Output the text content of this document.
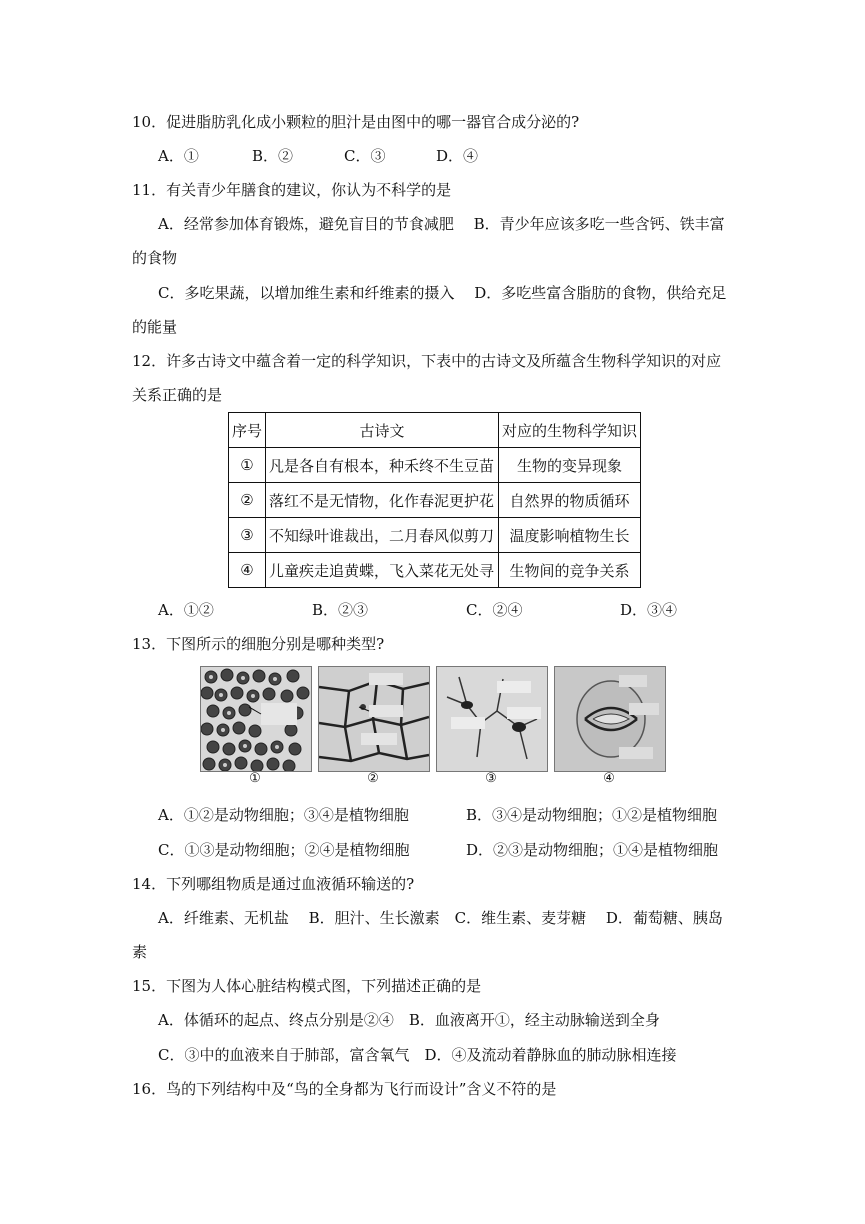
10．促进脂肪乳化成小颗粒的胆汁是由图中的哪一器官合成分泌的?
A．①	B．②	C．③	D．④
11．有关青少年膳食的建议，你认为不科学的是
A．经常参加体育锻炼，避免盲目的节食减肥　 B．青少年应该多吃一些含钙、铁丰富
的食物
C．多吃果蔬，以增加维生素和纤维素的摄入　 D．多吃些富含脂肪的食物，供给充足
的能量
12．许多古诗文中蕴含着一定的科学知识，下表中的古诗文及所蕴含生物科学知识的对应
关系正确的是
序号	古诗文	对应的生物科学知识
①	凡是各自有根本，种禾终不生豆苗	生物的变异现象
②	落红不是无情物，化作春泥更护花	自然界的物质循环
③	不知绿叶谁裁出，二月春风似剪刀	温度影响植物生长
④	儿童疾走追黄蝶，飞入菜花无处寻	生物间的竞争关系
A．①②	B．②③	C．②④	D．③④
13．下图所示的细胞分别是哪种类型?
①	②	③	④
A．①②是动物细胞；③④是植物细胞	B．③④是动物细胞；①②是植物细胞
C．①③是动物细胞；②④是植物细胞	D．②③是动物细胞；①④是植物细胞
14．下列哪组物质是通过血液循环输送的?
A．纤维素、无机盐　 B．胆汁、生长激素　C．维生素、麦芽糖　 D．葡萄糖、胰岛
素
15．下图为人体心脏结构模式图，下列描述正确的是
A．体循环的起点、终点分别是②④　B．血液离开①，经主动脉输送到全身
C．③中的血液来自于肺部，富含氧气　D．④及流动着静脉血的肺动脉相连接
16．鸟的下列结构中及“鸟的全身都为飞行而设计”含义不符的是
